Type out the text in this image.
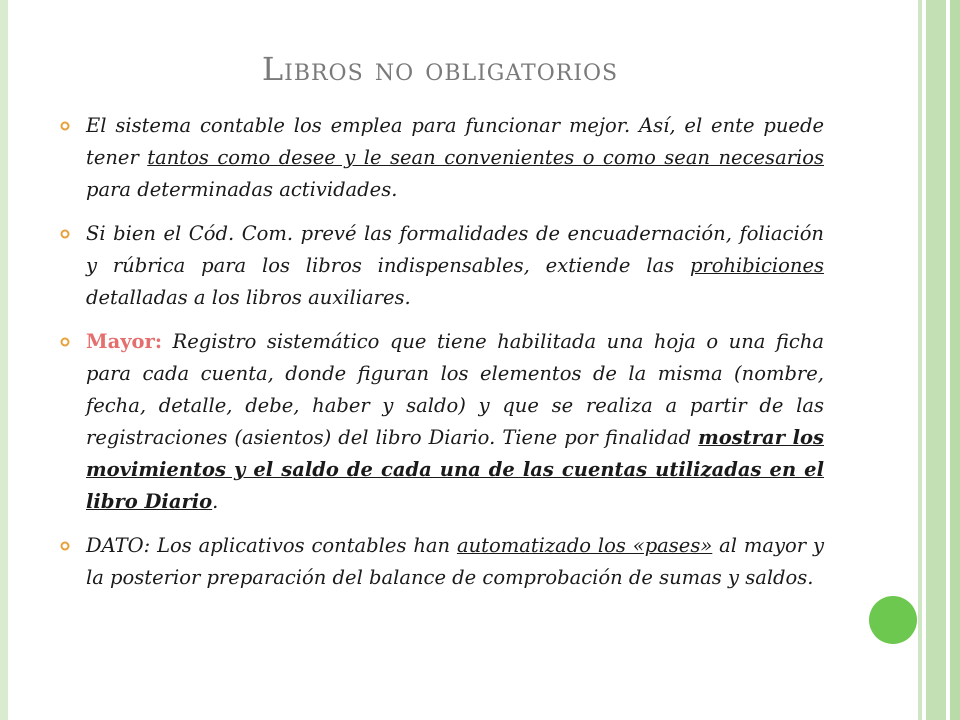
Libros no obligatorios
El sistema contable los emplea para funcionar mejor. Así, el ente puede tener tantos como desee y le sean convenientes o como sean necesarios para determinadas actividades.
Si bien el Cód. Com. prevé las formalidades de encuadernación, foliación y rúbrica para los libros indispensables, extiende las prohibiciones detalladas a los libros auxiliares.
Mayor: Registro sistemático que tiene habilitada una hoja o una ficha para cada cuenta, donde figuran los elementos de la misma (nombre, fecha, detalle, debe, haber y saldo) y que se realiza a partir de las registraciones (asientos) del libro Diario. Tiene por finalidad mostrar los movimientos y el saldo de cada una de las cuentas utilizadas en el libro Diario.
DATO: Los aplicativos contables han automatizado los «pases» al mayor y la posterior preparación del balance de comprobación de sumas y saldos.
